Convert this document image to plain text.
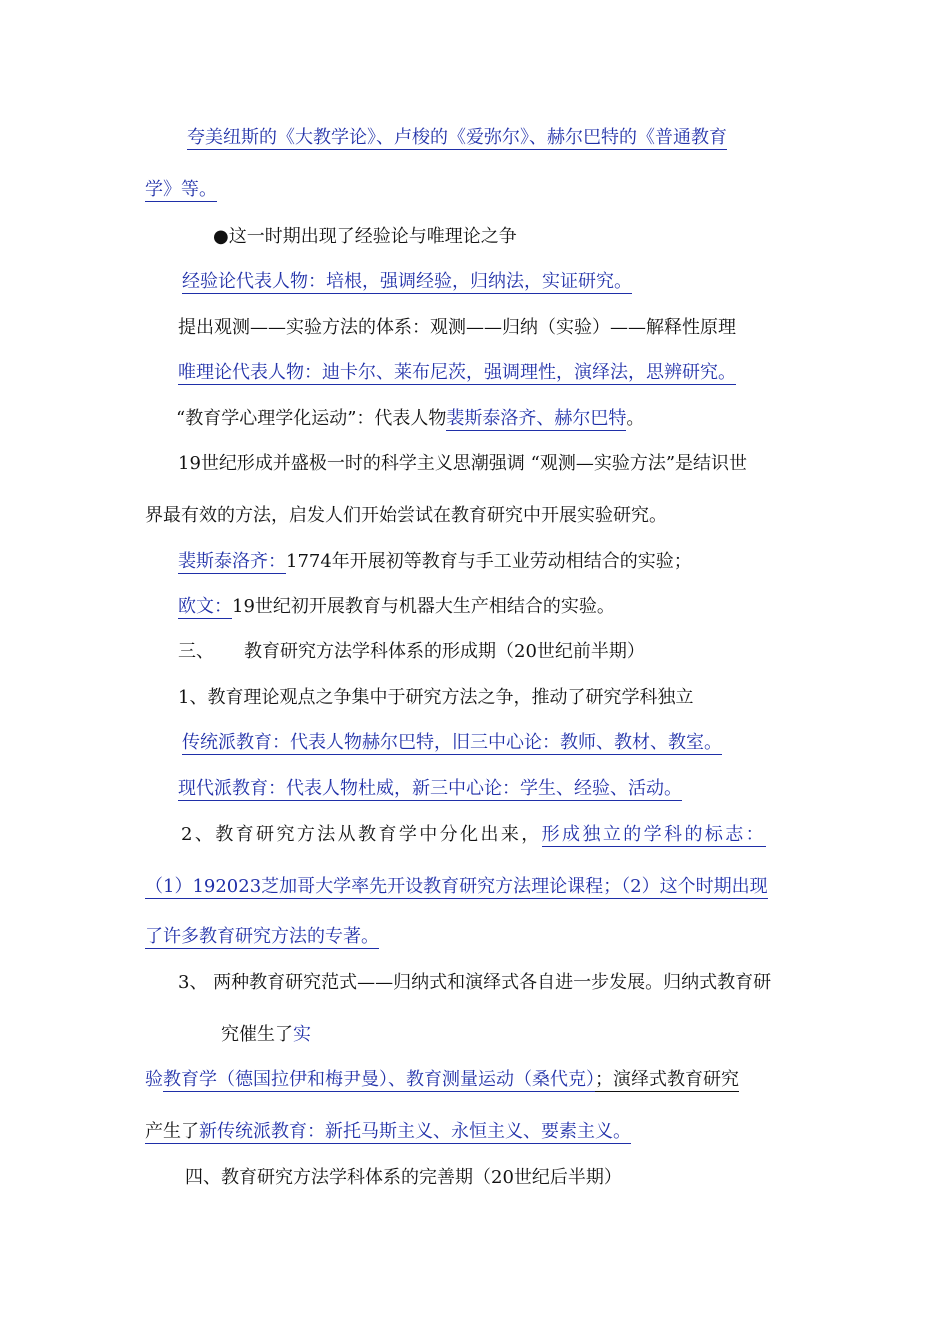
夸美纽斯的《大教学论》、卢梭的《爱弥尔》、赫尔巴特的《普通教育
学》等。
●这一时期出现了经验论与唯理论之争
经验论代表人物：培根，强调经验，归纳法，实证研究。
提出观测——实验方法的体系：观测——归纳（实验）——解释性原理
唯理论代表人物：迪卡尔、莱布尼茨，强调理性，演绎法，思辨研究。
“教育学心理学化运动”：代表人物裴斯泰洛齐、赫尔巴特。
19世纪形成并盛极一时的科学主义思潮强调 “观测—实验方法”是结识世
界最有效的方法，启发人们开始尝试在教育研究中开展实验研究。
裴斯泰洛齐：1774年开展初等教育与手工业劳动相结合的实验；
欧文：19世纪初开展教育与机器大生产相结合的实验。
三、 教育研究方法学科体系的形成期（20世纪前半期）
1、教育理论观点之争集中于研究方法之争，推动了研究学科独立
传统派教育：代表人物赫尔巴特，旧三中心论：教师、教材、教室。
现代派教育：代表人物杜威，新三中心论：学生、经验、活动。
2、教育研究方法从教育学中分化出来，形成独立的学科的标志：
（1）192023芝加哥大学率先开设教育研究方法理论课程；（2）这个时期出现
了许多教育研究方法的专著。
3、 两种教育研究范式——归纳式和演绎式各自进一步发展。归纳式教育研
究催生了实
验教育学（德国拉伊和梅尹曼）、教育测量运动（桑代克）；演绎式教育研究
产生了新传统派教育：新托马斯主义、永恒主义、要素主义。
四、教育研究方法学科体系的完善期（20世纪后半期）
